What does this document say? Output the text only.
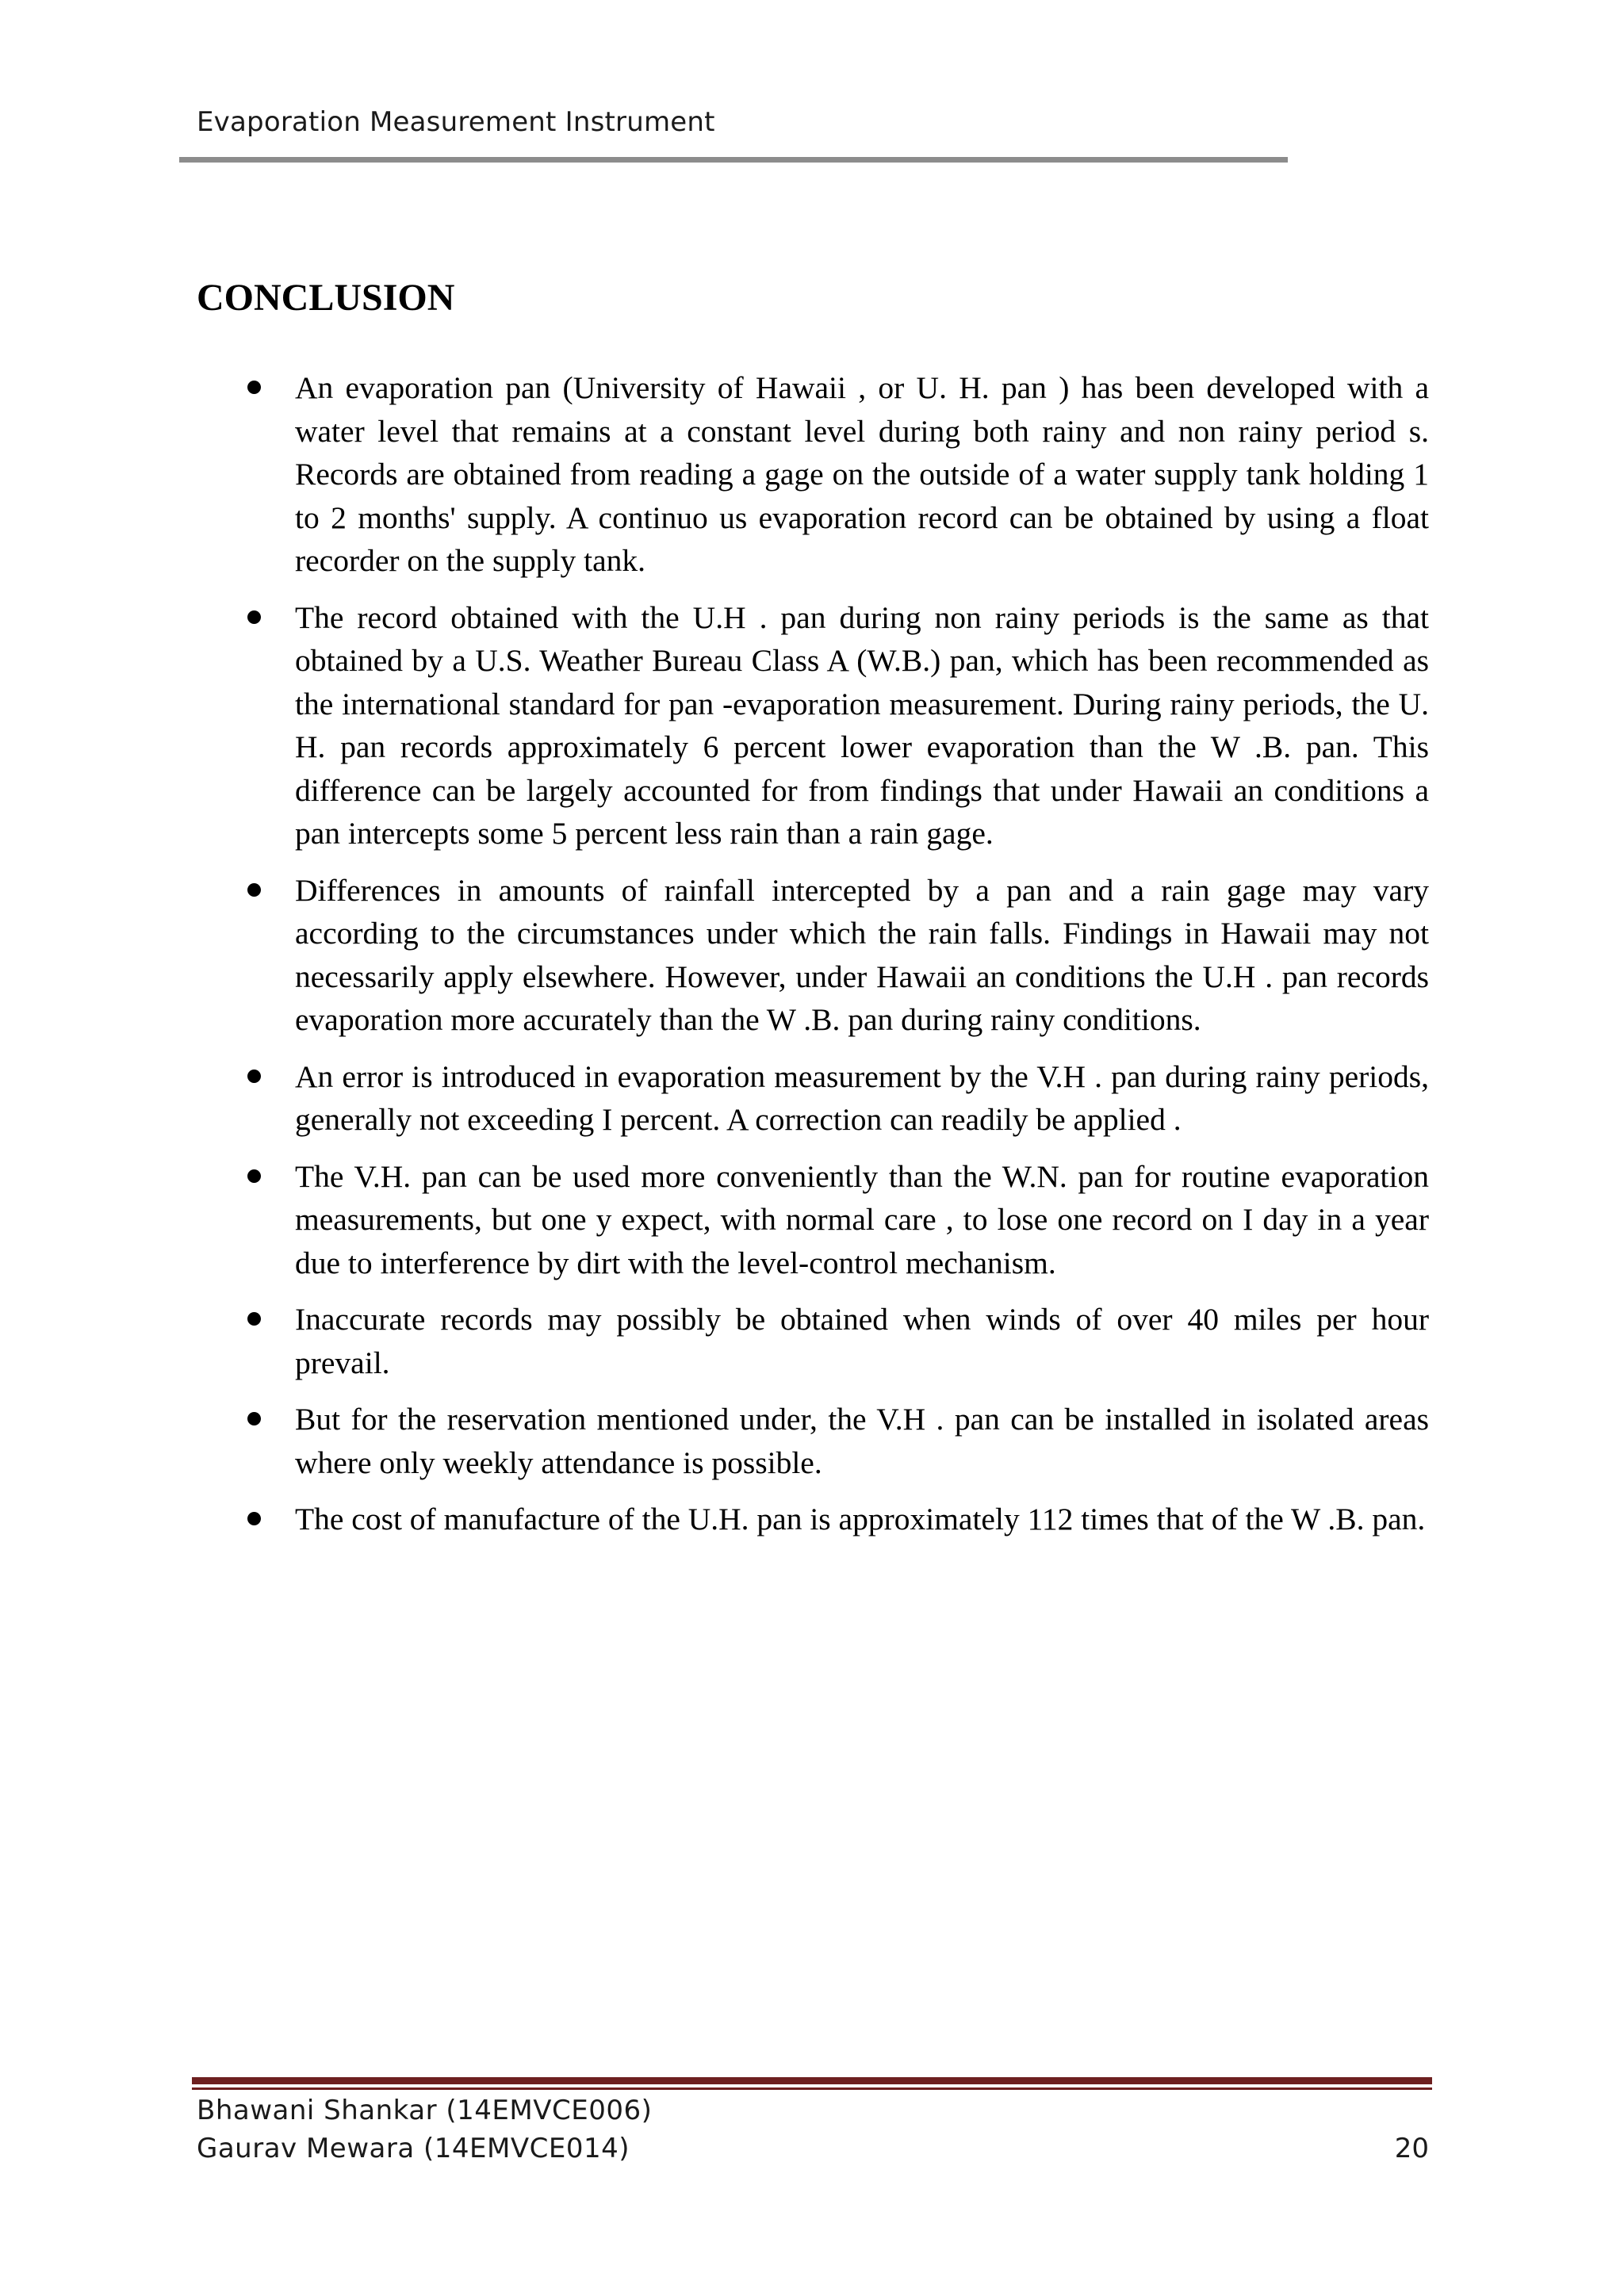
Evaporation Measurement Instrument
CONCLUSION
An evaporation pan (University of Hawaii , or U. H. pan ) has been developed with a water level that remains at a constant level during both rainy and non rainy period s. Records are obtained from reading a gage on the outside of a water supply tank holding 1 to 2 months' supply. A continuo us evaporation record can be obtained by using a float recorder on the supply tank.
The record obtained with the U.H . pan during non rainy periods is the same as that obtained by a U.S. Weather Bureau Class A (W.B.) pan, which has been recommended as the international standard for pan -evaporation measurement. During rainy periods, the U. H. pan records approximately 6 percent lower evaporation than the W .B. pan. This difference can be largely accounted for from findings that under Hawaii an conditions a pan intercepts some 5 percent less rain than a rain gage.
Differences in amounts of rainfall intercepted by a pan and a rain gage may vary according to the circumstances under which the rain falls. Findings in Hawaii may not necessarily apply elsewhere. However, under Hawaii an conditions the U.H . pan records evaporation more accurately than the W .B. pan during rainy conditions.
An error is introduced in evaporation measurement by the V.H . pan during rainy periods, generally not exceeding I percent. A correction can readily be applied .
The V.H. pan can be used more conveniently than the W.N. pan for routine evaporation measurements, but one y expect, with normal care , to lose one record on I day in a year due to interference by dirt with the level-control mechanism.
Inaccurate records may possibly be obtained when winds of over 40 miles per hour prevail.
But for the reservation mentioned under, the V.H . pan can be installed in isolated areas where only weekly attendance is possible.
The cost of manufacture of the U.H. pan is approximately 112 times that of the W .B. pan.
Bhawani Shankar (14EMVCE006)
Gaurav Mewara (14EMVCE014)	20
